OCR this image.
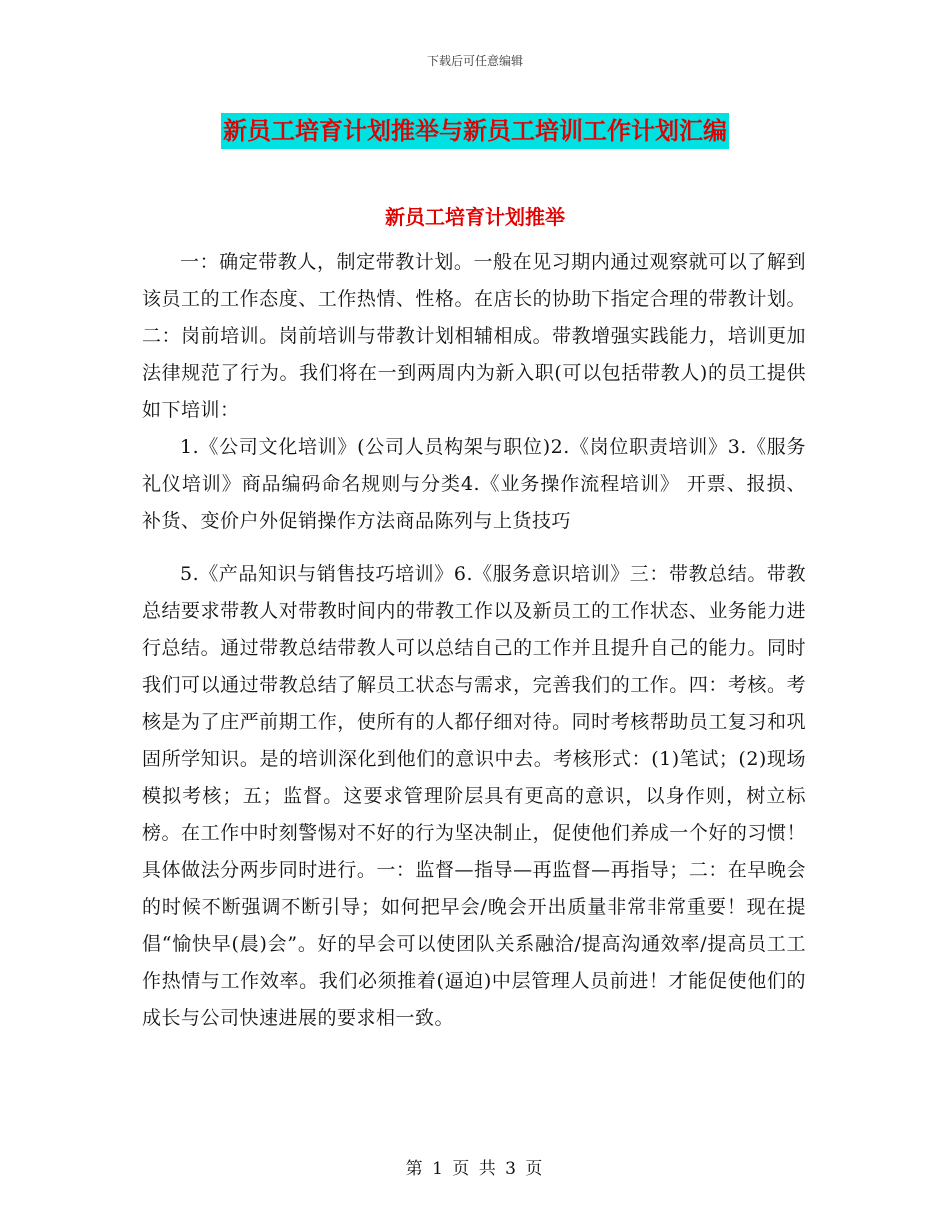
下载后可任意编辑
新员工培育计划推举与新员工培训工作计划汇编
新员工培育计划推举

一：确定带教人，制定带教计划。一般在见习期内通过观察就可以了解到该员工的工作态度、工作热情、性格。在店长的协助下指定合理的带教计划。二：岗前培训。岗前培训与带教计划相辅相成。带教增强实践能力，培训更加法律规范了行为。我们将在一到两周内为新入职(可以包括带教人)的员工提供如下培训：

1.《公司文化培训》(公司人员构架与职位)2.《岗位职责培训》3.《服务礼仪培训》商品编码命名规则与分类4.《业务操作流程培训》 开票、报损、补货、变价户外促销操作方法商品陈列与上货技巧

5.《产品知识与销售技巧培训》6.《服务意识培训》三：带教总结。带教总结要求带教人对带教时间内的带教工作以及新员工的工作状态、业务能力进行总结。通过带教总结带教人可以总结自己的工作并且提升自己的能力。同时我们可以通过带教总结了解员工状态与需求，完善我们的工作。四：考核。考核是为了庄严前期工作，使所有的人都仔细对待。同时考核帮助员工复习和巩固所学知识。是的培训深化到他们的意识中去。考核形式：(1)笔试；(2)现场模拟考核；五；监督。这要求管理阶层具有更高的意识，以身作则，树立标榜。在工作中时刻警惕对不好的行为坚决制止，促使他们养成一个好的习惯！具体做法分两步同时进行。一：监督—指导—再监督—再指导；二：在早晚会的时候不断强调不断引导；如何把早会/晚会开出质量非常非常重要！现在提倡“愉快早(晨)会”。好的早会可以使团队关系融洽/提高沟通效率/提高员工工作热情与工作效率。我们必须推着(逼迫)中层管理人员前进！才能促使他们的成长与公司快速进展的要求相一致。

第 1 页 共 3 页
